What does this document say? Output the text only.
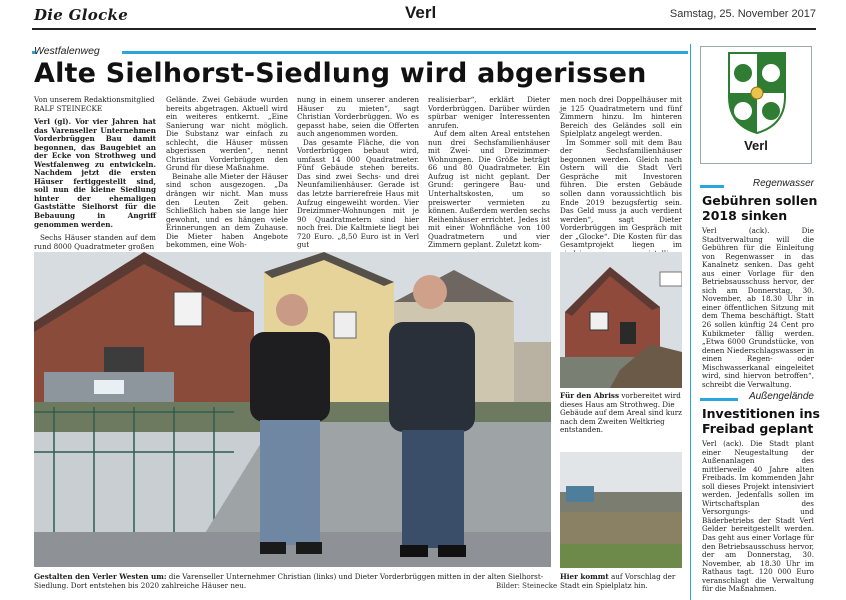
Die Glocke	Verl	Samstag, 25. November 2017
Westfalenweg
Alte Sielhorst-Siedlung wird abgerissen
Von unserem Redaktionsmitglied
RALF STEINECKE

Verl (gl). Vor vier Jahren hat das Varenseller Unternehmen Vorderbrüggen Bau damit begonnen, das Baugebiet an der Ecke von Strothweg und Westfalenweg zu entwickeln. Nachdem jetzt die ersten Häuser fertiggestellt sind, soll nun die kleine Siedlung hinter der ehemaligen Gaststätte Sielhorst für die Bebauung in Angriff genommen werden.

Sechs Häuser standen auf dem rund 8000 Quadratmeter großen

Gelände. Zwei Gebäude wurden bereits abgetragen. Aktuell wird ein weiteres entkernt. „Eine Sanierung war nicht möglich. Die Substanz war einfach zu schlecht, die Häuser müssen abgerissen werden“, nennt Christian Vorderbrüggen den Grund für diese Maßnahme.

Beinahe alle Mieter der Häuser sind schon ausgezogen. „Da drängen wir nicht. Man muss den Leuten Zeit geben. Schließlich haben sie lange hier gewohnt, und es hängen viele Erinnerungen an dem Zuhause. Die Mieter haben Angebote bekommen, eine Woh-

nung in einem unserer anderen Häuser zu mieten“, sagt Christian Vorderbrüggen. Wo es gepasst habe, seien die Offerten auch angenommen worden.

Das gesamte Fläche, die von Vorderbrüggen bebaut wird, umfasst 14 000 Quadratmeter. Fünf Gebäude stehen bereits. Das sind zwei Sechs- und drei Neunfamilienhäuser. Gerade ist das letzte barrierefreie Haus mit Aufzug eingeweiht worden. Vier Dreizimmer-Wohnungen mit je 90 Quadratmetern sind hier noch frei. Die Kaltmiete liegt bei 720 Euro. „8,50 Euro ist in Verl gut

realisierbar“, erklärt Dieter Vorderbrüggen. Darüber würden spürbar weniger Interessenten anrufen.

Auf dem alten Areal entstehen nun drei Sechsfamilienhäuser mit Zwei- und Dreizimmer-Wohnungen. Die Größe beträgt 66 und 80 Quadratmeter. Ein Aufzug ist nicht geplant. Der Grund: geringere Bau- und Unterhaltskosten, um so preiswerter vermieten zu können. Außerdem werden sechs Reihenhäuser errichtet. Jedes ist mit einer Wohnfläche von 100 Quadratmetern und vier Zimmern geplant. Zuletzt kom-

men noch drei Doppelhäuser mit je 125 Quadratmetern und fünf Zimmern hinzu. Im hinteren Bereich des Geländes soll ein Spielplatz angelegt werden.

Im Sommer soll mit dem Bau der Sechsfamilienhäuser begonnen werden. Gleich nach Ostern will die Stadt Verl Gespräche mit Investoren führen. Die ersten Gebäude sollen dann voraussichtlich bis Ende 2019 bezugsfertig sein. Das Geld muss ja auch verdient werden“, sagt Dieter Vorderbrüggen im Gespräch mit der „Glocke“. Die Kosten für das Gesamtprojekt liegen im

Gestalten den Verler Westen um: die Varenseller Unternehmer Christian (links) und Dieter Vorderbrüggen mitten in der alten Sielhorst-Siedlung. Dort entstehen bis 2020 zahlreiche Häuser neu.	Bilder: Steinecke
Für den Abriss vorbereitet wird dieses Haus am Strothweg. Die Gebäude auf dem Areal sind kurz nach dem Zweiten Weltkrieg entstanden.
Hier kommt auf Vorschlag der Stadt ein Spielplatz hin.
Verl
Regenwasser
Gebühren sollen
2018 sinken

Verl (ack). Die Stadtverwaltung will die Gebühren für die Einleitung von Regenwasser in das Kanalnetz senken. Das geht aus einer Vorlage für den Betriebsausschuss hervor, der sich am Donnerstag, 30. November, ab 18.30 Uhr in einer öffentlichen Sitzung mit dem Thema beschäftigt. Statt 26 sollen künftig 24 Cent pro Kubikmeter fällig werden. „Etwa 6000 Grundstücke, von denen Niederschlagswasser in einen Regen- oder Mischwasserkanal eingeleitet wird, sind hiervon betroffen“, schreibt die Verwaltung.

Außengelände
Investitionen ins
Freibad geplant

Verl (ack). Die Stadt plant einer Neugestaltung der Außenanlagen des mittlerweile 40 Jahre alten Freibads. Im kommenden Jahr soll dieses Projekt intensiviert werden. Jedenfalls sollen im Wirtschaftsplan des Versorgungs- und Bäderbetriebs der Stadt Verl Gelder bereitgestellt werden. Das geht aus einer Vorlage für den Betriebsausschuss hervor, der am Donnerstag, 30. November, ab 18.30 Uhr im Rathaus tagt. 120 000 Euro veranschlagt die Verwaltung für die Maßnahmen.
